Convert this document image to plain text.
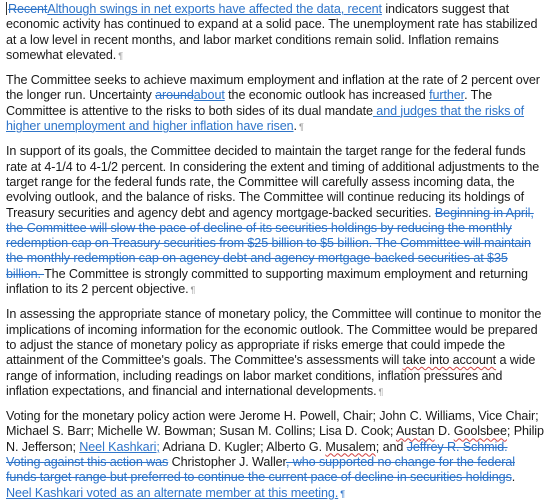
RecentAlthough swings in net exports have affected the data, recent indicators suggest that economic activity has continued to expand at a solid pace. The unemployment rate has stabilized at a low level in recent months, and labor market conditions remain solid. Inflation remains somewhat elevated. ¶

The Committee seeks to achieve maximum employment and inflation at the rate of 2 percent over the longer run. Uncertainty aroundabout the economic outlook has increased further. The Committee is attentive to the risks to both sides of its dual mandate and judges that the risks of higher unemployment and higher inflation have risen. ¶

In support of its goals, the Committee decided to maintain the target range for the federal funds rate at 4-1/4 to 4-1/2 percent. In considering the extent and timing of additional adjustments to the target range for the federal funds rate, the Committee will carefully assess incoming data, the evolving outlook, and the balance of risks. The Committee will continue reducing its holdings of Treasury securities and agency debt and agency mortgage-backed securities. Beginning in April, the Committee will slow the pace of decline of its securities holdings by reducing the monthly redemption cap on Treasury securities from $25 billion to $5 billion. The Committee will maintain the monthly redemption cap on agency debt and agency mortgage-backed securities at $35 billion. The Committee is strongly committed to supporting maximum employment and returning inflation to its 2 percent objective. ¶

In assessing the appropriate stance of monetary policy, the Committee will continue to monitor the implications of incoming information for the economic outlook. The Committee would be prepared to adjust the stance of monetary policy as appropriate if risks emerge that could impede the attainment of the Committee's goals. The Committee's assessments will take into account a wide range of information, including readings on labor market conditions, inflation pressures and inflation expectations, and financial and international developments. ¶

Voting for the monetary policy action were Jerome H. Powell, Chair; John C. Williams, Vice Chair; Michael S. Barr; Michelle W. Bowman; Susan M. Collins; Lisa D. Cook; Austan D. Goolsbee; Philip N. Jefferson; Neel Kashkari; Adriana D. Kugler; Alberto G. Musalem; and Jeffrey R. Schmid. Voting against this action was Christopher J. Waller, who supported no change for the federal funds target range but preferred to continue the current pace of decline in securities holdings. Neel Kashkari voted as an alternate member at this meeting. ¶
